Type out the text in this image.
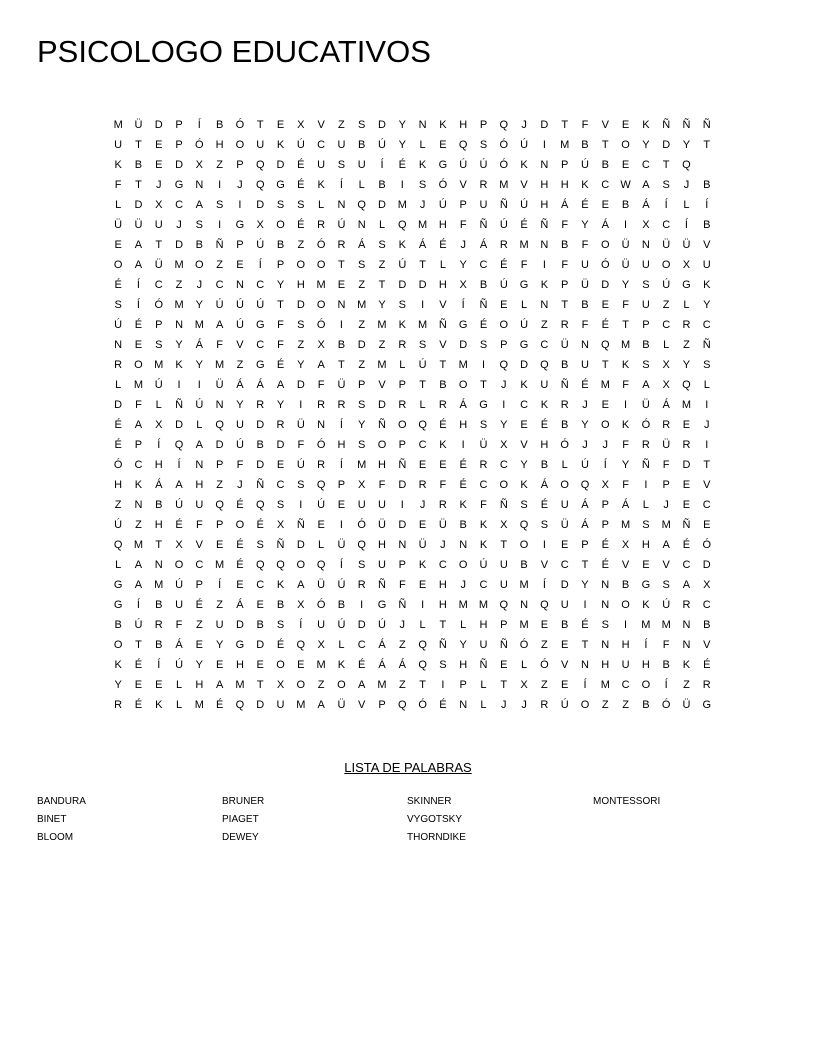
PSICOLOGO EDUCATIVOS
M	Ü	D	P	Í	B	Ó	T	E	X	V	Z	S	D	Y	N	K	H	P	Q	J	D	T	F	V	E	K	Ñ	Ñ	Ñ
U	T	E	P	Ó	H	O	U	K	Ú	C	U	B	Ú	Y	L	E	Q	S	Ó	Ú	I	M	B	T	O	Y	D	Y	T
K	B	E	D	X	Z	P	Q	D	É	U	S	U	Í	É	K	G	Ú	Ú	Ó	K	N	P	Ú	B	E	C	T	Q
F	T	J	G	N	I	J	Q	G	É	K	Í	L	B	I	S	Ó	V	R	M	V	H	H	K	C	W	A	S	J	B
L	D	X	C	A	S	I	D	S	S	L	N	Q	D	M	J	Ú	P	U	Ñ	Ú	H	Á	É	E	B	Á	Í	L	Í
Ü	Ü	U	J	S	I	G	X	O	É	R	Ú	N	L	Q	M	H	F	Ñ	Ú	É	Ñ	F	Y	Á	I	X	C	Í	B
E	A	T	D	B	Ñ	P	Ú	B	Z	Ó	R	Á	S	K	Á	É	J	Á	R	M	N	B	F	O	Ü	N	Ü	Ü	V
O	A	Ü	M	O	Z	E	Í	P	O	O	T	S	Z	Ú	T	L	Y	C	É	F	I	F	U	Ó	Ü	U	O	X	U
É	Í	C	Z	J	C	N	C	Y	H	M	E	Z	T	D	D	H	X	B	Ú	G	K	P	Ü	D	Y	S	Ú	G	K
S	Í	Ó	M	Y	Ú	Ú	Ú	T	D	O	N	M	Y	S	I	V	Í	Ñ	E	L	N	T	B	E	F	U	Z	L	Y
Ú	É	P	N	M	A	Ú	G	F	S	Ó	I	Z	M	K	M	Ñ	G	É	O	Ú	Z	R	F	É	T	P	C	R	C
N	E	S	Y	Á	F	V	C	F	Z	X	B	D	Z	R	S	V	D	S	P	G	C	Ü	N	Q	M	B	L	Z	Ñ
R	O	M	K	Y	M	Z	G	É	Y	A	T	Z	M	L	Ú	T	M	I	Q	D	Q	B	U	T	K	S	X	Y	S
L	M	Ú	I	I	Ü	Á	Á	A	D	F	Ü	P	V	P	T	B	O	T	J	K	U	Ñ	É	M	F	A	X	Q	L
D	F	L	Ñ	Ú	N	Y	R	Y	I	R	R	S	D	R	L	R	Á	G	I	C	K	R	J	E	I	Ü	Á	M	I
É	A	X	D	L	Q	U	D	R	Ü	N	Í	Y	Ñ	O	Q	É	H	S	Y	E	É	B	Y	O	K	Ó	R	E	J
É	P	Í	Q	A	D	Ú	B	D	F	Ó	H	S	O	P	C	K	I	Ü	X	V	H	Ó	J	J	F	R	Ü	R	I
Ó	C	H	Í	N	P	F	D	E	Ú	R	Í	M	H	Ñ	E	E	É	R	C	Y	B	L	Ú	Í	Y	Ñ	F	D	T
H	K	Á	A	H	Z	J	Ñ	C	S	Q	P	X	F	D	R	F	É	C	O	K	Á	O	Q	X	F	I	P	E	V
Z	N	B	Ú	U	Q	É	Q	S	I	Ú	E	U	U	I	J	R	K	F	Ñ	S	É	U	Á	P	Á	L	J	E	C
Ú	Z	H	É	F	P	O	É	X	Ñ	E	I	Ó	Ü	D	E	Ü	B	K	X	Q	S	Ü	Á	P	M	S	M	Ñ	E
Q	M	T	X	V	E	É	S	Ñ	D	L	Ü	Q	H	N	Ü	J	N	K	T	O	I	E	P	É	X	H	A	É	Ó
L	A	N	O	C	M	É	Q	Q	O	Q	Í	S	U	P	K	C	O	Ú	U	B	V	C	T	É	V	E	V	C	D
G	A	M	Ú	P	Í	E	C	K	A	Ü	Ú	R	Ñ	F	E	H	J	C	U	M	Í	D	Y	N	B	G	S	A	X
G	Í	B	U	É	Z	Á	E	B	X	Ó	B	I	G	Ñ	I	H	M	M	Q	N	Q	U	I	N	O	K	Ú	R	C
B	Ú	R	F	Z	U	D	B	S	Í	U	Ú	D	Ú	J	L	T	L	H	P	M	E	B	É	S	I	M	M	N	B
O	T	B	Á	E	Y	G	D	É	Q	X	L	C	Á	Z	Q	Ñ	Y	U	Ñ	Ó	Z	E	T	N	H	Í	F	N	V
K	É	Í	Ú	Y	E	H	E	O	E	M	K	É	Á	Á	Q	S	H	Ñ	E	L	Ó	V	N	H	U	H	B	K	É
Y	E	E	L	H	A	M	T	X	O	Z	O	A	M	Z	T	I	P	L	T	X	Z	E	Í	M	C	O	Í	Z	R
R	É	K	L	M	É	Q	D	U	M	A	Ü	V	P	Q	Ó	É	N	L	J	J	R	Ú	O	Z	Z	B	Ó	Ü	G
LISTA DE PALABRAS
BANDURA
BINET
BLOOM
BRUNER
PIAGET
DEWEY
SKINNER
VYGOTSKY
THORNDIKE
MONTESSORI
